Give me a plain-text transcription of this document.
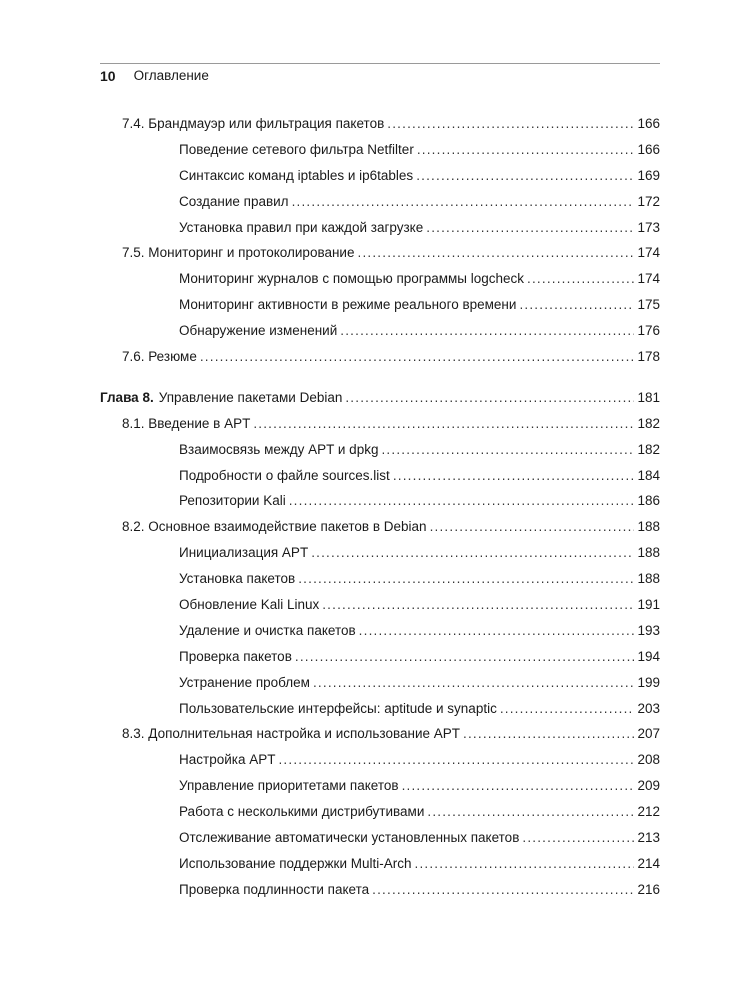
10 Оглавление
7.4. Брандмауэр или фильтрация пакетов .....	166
Поведение сетевого фильтра Netfilter .....	166
Синтаксис команд iptables и ip6tables .....	169
Создание правил .....	172
Установка правил при каждой загрузке .....	173
7.5. Мониторинг и протоколирование .....	174
Мониторинг журналов с помощью программы logcheck .....	174
Мониторинг активности в режиме реального времени .....	175
Обнаружение изменений .....	176
7.6. Резюме .....	178
Глава 8. Управление пакетами Debian .....	181
8.1. Введение в APT .....	182
Взаимосвязь между APT и dpkg .....	182
Подробности о файле sources.list .....	184
Репозитории Kali .....	186
8.2. Основное взаимодействие пакетов в Debian .....	188
Инициализация APT .....	188
Установка пакетов .....	188
Обновление Kali Linux .....	191
Удаление и очистка пакетов .....	193
Проверка пакетов .....	194
Устранение проблем .....	199
Пользовательские интерфейсы: aptitude и synaptic .....	203
8.3. Дополнительная настройка и использование APT .....	207
Настройка APT .....	208
Управление приоритетами пакетов .....	209
Работа с несколькими дистрибутивами .....	212
Отслеживание автоматически установленных пакетов .....	213
Использование поддержки Multi-Arch .....	214
Проверка подлинности пакета .....	216
